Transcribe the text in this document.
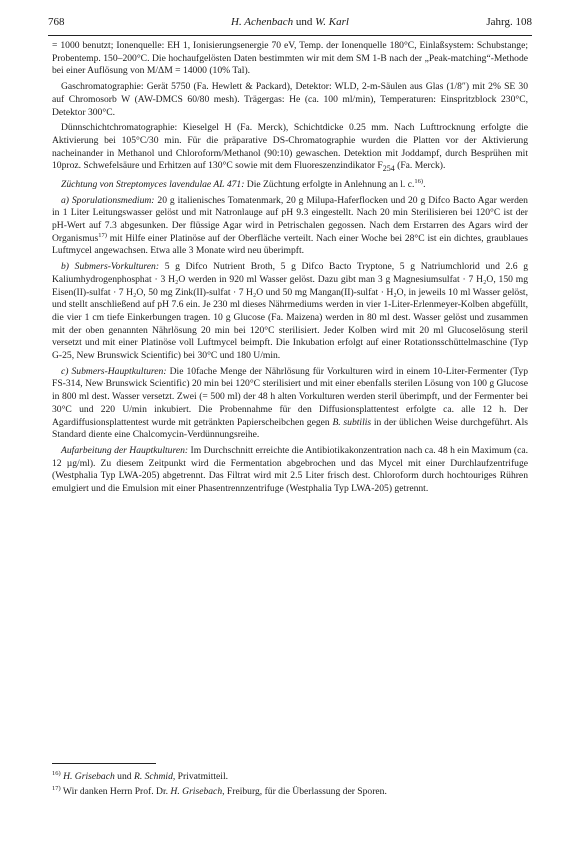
768	H. Achenbach und W. Karl	Jahrg. 108

= 1000 benutzt; Ionenquelle: EH 1, Ionisierungsenergie 70 eV, Temp. der Ionenquelle 180°C, Einlaßsystem: Schubstange; Probentemp. 150–200°C. Die hochaufgelösten Daten bestimmten wir mit dem SM 1-B nach der „Peak-matching“-Methode bei einer Auflösung von M/ΔM = 14000 (10% Tal).

Gaschromatographie: Gerät 5750 (Fa. Hewlett & Packard), Detektor: WLD, 2-m-Säulen aus Glas (1/8″) mit 2% SE 30 auf Chromosorb W (AW-DMCS 60/80 mesh). Trägergas: He (ca. 100 ml/min), Temperaturen: Einspritzblock 230°C, Detektor 300°C.

Dünnschichtchromatographie: Kieselgel H (Fa. Merck), Schichtdicke 0.25 mm. Nach Lufttrocknung erfolgte die Aktivierung bei 105°C/30 min. Für die präparative DS-Chromatographie wurden die Platten vor der Aktivierung nacheinander in Methanol und Chloroform/Methanol (90:10) gewaschen. Detektion mit Joddampf, durch Besprühen mit 10proz. Schwefelsäure und Erhitzen auf 130°C sowie mit dem Fluoreszenzindikator $F_{254}$ (Fa. Merck).

Züchtung von Streptomyces lavendulae AL 471: Die Züchtung erfolgte in Anlehnung an l. c.$^{16)}$.

a) Sporulationsmedium: 20 g italienisches Tomatenmark, 20 g Milupa-Haferflocken und 20 g Difco Bacto Agar werden in 1 Liter Leitungswasser gelöst und mit Natronlauge auf pH 9.3 eingestellt. Nach 20 min Sterilisieren bei 120°C ist der pH-Wert auf 7.3 abgesunken. Der flüssige Agar wird in Petrischalen gegossen. Nach dem Erstarren des Agars wird der Organismus$^{17)}$ mit Hilfe einer Platinöse auf der Oberfläche verteilt. Nach einer Woche bei 28°C ist ein dichtes, graublaues Luftmycel angewachsen. Etwa alle 3 Monate wird neu überimpft.

b) Submers-Vorkulturen: 5 g Difco Nutrient Broth, 5 g Difco Bacto Tryptone, 5 g Natriumchlorid und 2.6 g Kaliumhydrogenphosphat · 3 H₂O werden in 920 ml Wasser gelöst. Dazu gibt man 3 g Magnesiumsulfat · 7 H₂O, 150 mg Eisen(II)-sulfat · 7 H₂O, 50 mg Zink(II)-sulfat · 7 H₂O und 50 mg Mangan(II)-sulfat · H₂O, in jeweils 10 ml Wasser gelöst, und stellt anschließend auf pH 7.6 ein. Je 230 ml dieses Nährmediums werden in vier 1-Liter-Erlenmeyer-Kolben abgefüllt, die vier 1 cm tiefe Einkerbungen tragen. 10 g Glucose (Fa. Maizena) werden in 80 ml dest. Wasser gelöst und zusammen mit der oben genannten Nährlösung 20 min bei 120°C sterilisiert. Jeder Kolben wird mit 20 ml Glucoselösung steril versetzt und mit einer Platinöse voll Luftmycel beimpft. Die Inkubation erfolgt auf einer Rotationsschüttelmaschine (Typ G-25, New Brunswick Scientific) bei 30°C und 180 U/min.

c) Submers-Hauptkulturen: Die 10fache Menge der Nährlösung für Vorkulturen wird in einem 10-Liter-Fermenter (Typ FS-314, New Brunswick Scientific) 20 min bei 120°C sterilisiert und mit einer ebenfalls sterilen Lösung von 100 g Glucose in 800 ml dest. Wasser versetzt. Zwei (= 500 ml) der 48 h alten Vorkulturen werden steril überimpft, und der Fermenter bei 30°C und 220 U/min inkubiert. Die Probennahme für den Diffusionsplattentest erfolgte ca. alle 12 h. Der Agardiffusionsplattentest wurde mit getränkten Papierscheibchen gegen B. subtilis in der üblichen Weise durchgeführt. Als Standard diente eine Chalcomycin-Verdünnungsreihe.

Aufarbeitung der Hauptkulturen: Im Durchschnitt erreichte die Antibiotikakonzentration nach ca. 48 h ein Maximum (ca. 12 µg/ml). Zu diesem Zeitpunkt wird die Fermentation abgebrochen und das Mycel mit einer Durchlaufzentrifuge (Westphalia Typ LWA-205) abgetrennt. Das Filtrat wird mit 2.5 Liter frisch dest. Chloroform durch hochtouriges Rühren emulgiert und die Emulsion mit einer Phasentrennzentrifuge (Westphalia Typ LWA-205) getrennt.

$^{16)}$ H. Grisebach und R. Schmid, Privatmitteil.
$^{17)}$ Wir danken Herrn Prof. Dr. H. Grisebach, Freiburg, für die Überlassung der Sporen.
